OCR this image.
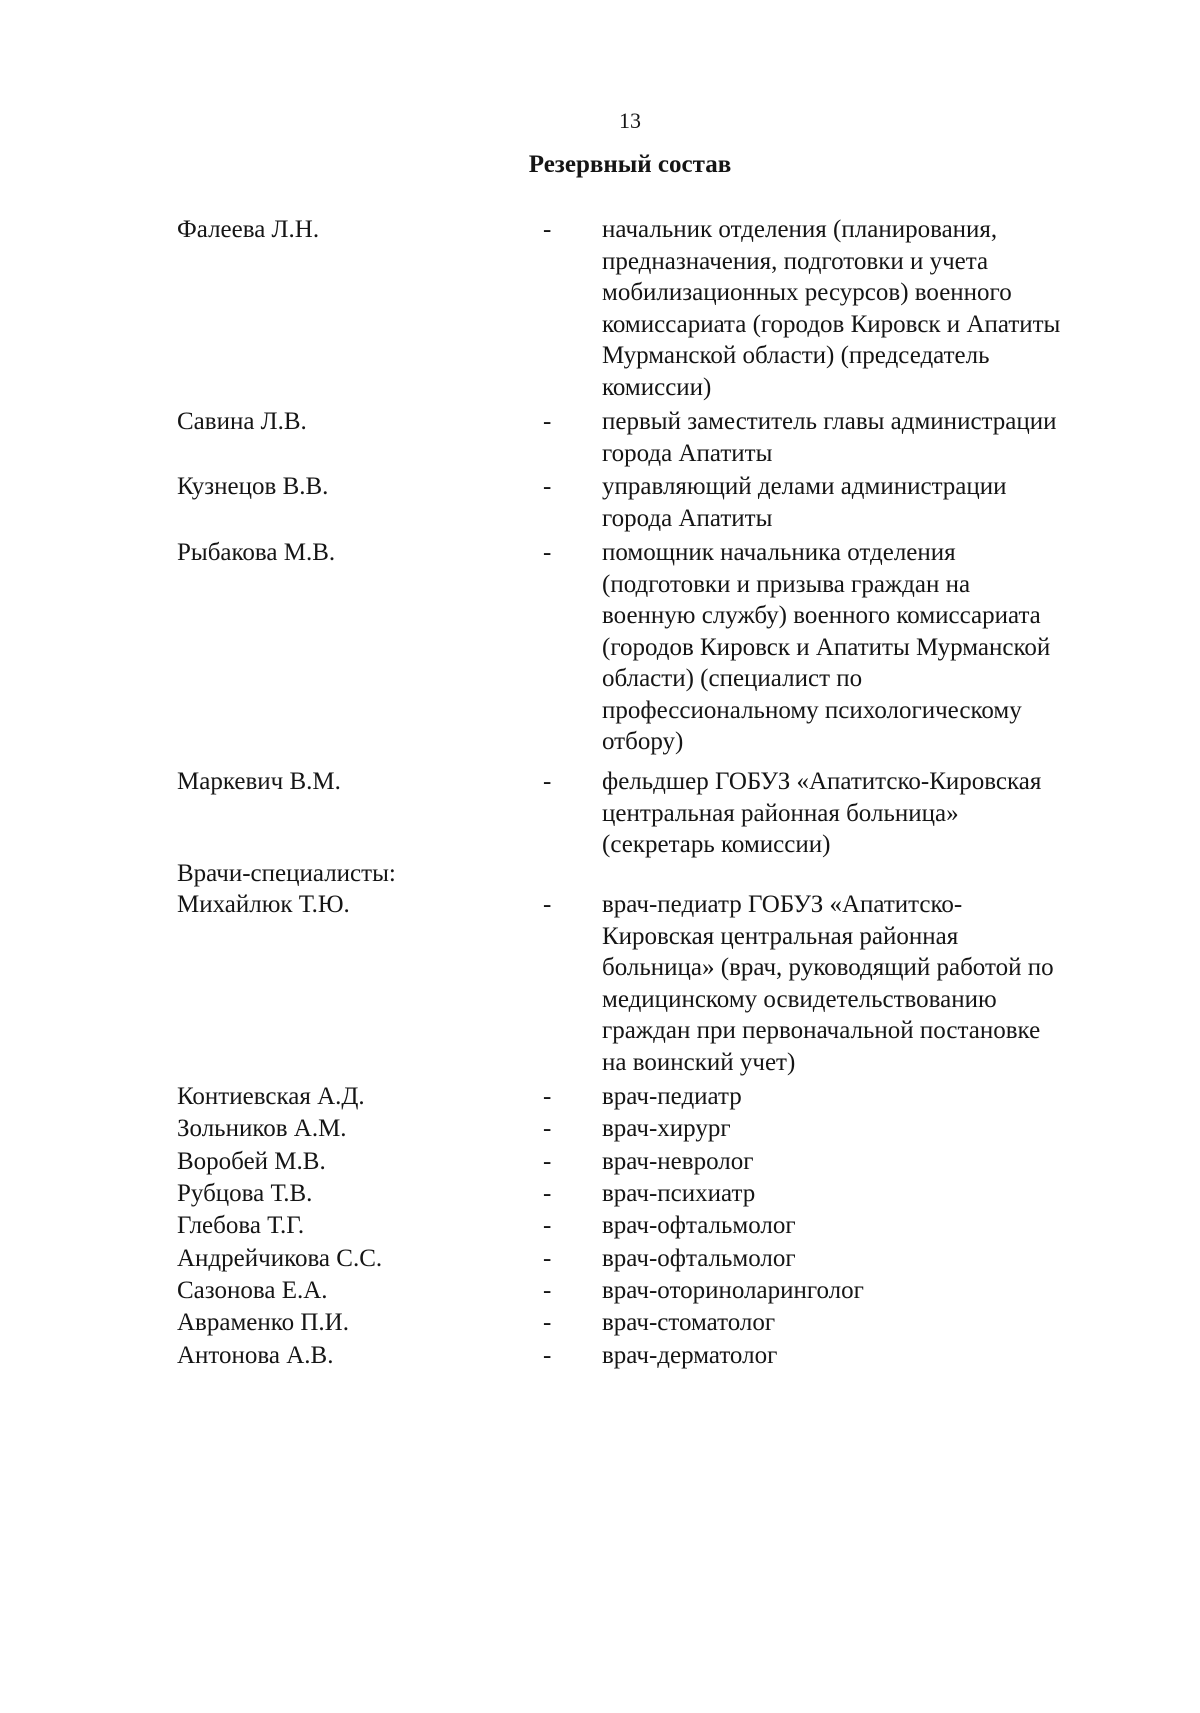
13
Резервный состав
Фалеева Л.Н.	- начальник отделения (планирования,
предназначения, подготовки и учета
мобилизационных ресурсов) военного
комиссариата (городов Кировск и Апатиты
Мурманской области) (председатель
комиссии)
Савина Л.В.	- первый заместитель главы администрации
города Апатиты
Кузнецов В.В.	- управляющий делами администрации
города Апатиты
Рыбакова М.В.	- помощник начальника отделения
(подготовки и призыва граждан на
военную службу) военного комиссариата
(городов Кировск и Апатиты Мурманской
области) (специалист по
профессиональному психологическому
отбору)
Маркевич В.М.	- фельдшер ГОБУЗ «Апатитско-Кировская
центральная районная больница»
(секретарь комиссии)
Врачи-специалисты:
Михайлюк Т.Ю.	- врач-педиатр ГОБУЗ «Апатитско-
Кировская центральная районная
больница» (врач, руководящий работой по
медицинскому освидетельствованию
граждан при первоначальной постановке
на воинский учет)
Контиевская А.Д.	- врач-педиатр
Зольников А.М.	- врач-хирург
Воробей М.В.	- врач-невролог
Рубцова Т.В.	- врач-психиатр
Глебова Т.Г.	- врач-офтальмолог
Андрейчикова С.С.	- врач-офтальмолог
Сазонова Е.А.	- врач-оториноларинголог
Авраменко П.И.	- врач-стоматолог
Антонова А.В.	- врач-дерматолог
